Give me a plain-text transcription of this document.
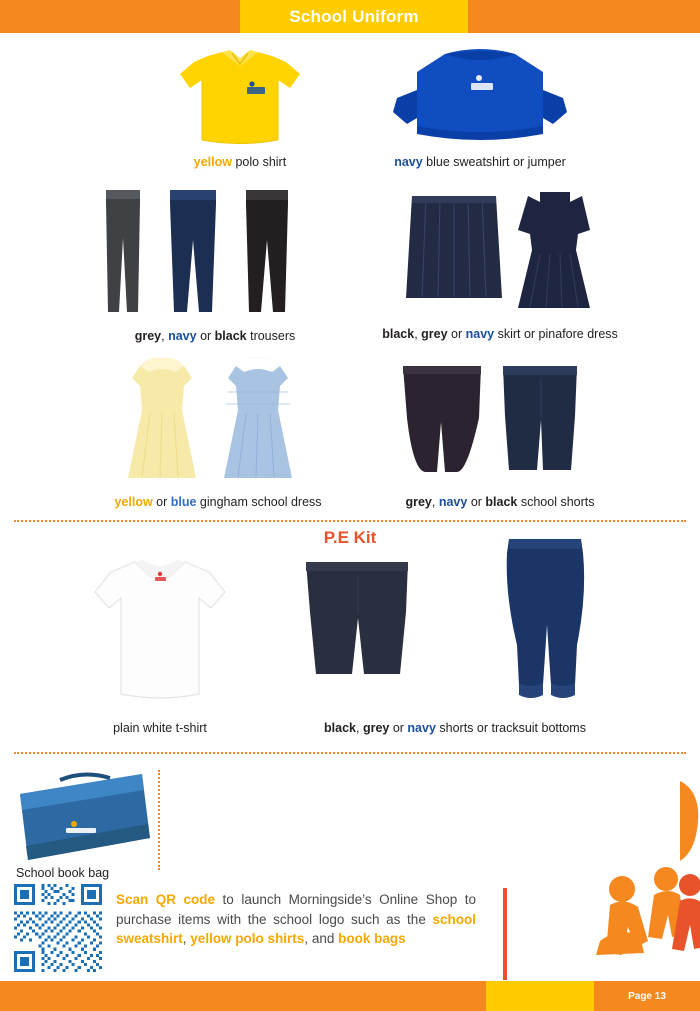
School Uniform
yellow polo shirt	navy blue sweatshirt or jumper
grey, navy or black trousers	black, grey or navy skirt or pinafore dress
yellow or blue gingham school dress	grey, navy or black school shorts
P.E Kit
plain white t-shirt	black, grey or navy shorts or tracksuit bottoms
School book bag
Scan QR code to launch Morningside’s Online Shop to purchase items with the school logo such as the school sweatshirt, yellow polo shirts, and book bags
Page 13
